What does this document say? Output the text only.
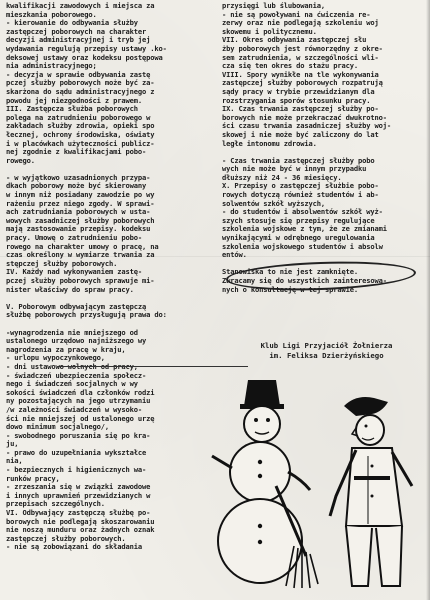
kwalifikacji zawodowych i miejsca za
mieszkania poborowego.
- kierowanie do odbywania służby
zastępczej poborowych na charakter
decyzji administracyjnej i tryb jej
wydawania regulują przepisy ustawy .ko-
deksowej ustawy oraz kodeksu postępowa
nia administracyjnego;
- decyzja w sprawie odbywania zastę
pczej służby poborowych może być za-
skarżona do sądu administracyjnego z
powodu jej niezgodności z prawem.
III. Zastępcza służba poborowych
polega na zatrudnieniu poborowego w
zakładach służby zdrowia, opieki spo
łecznej, ochrony środowiska, oświaty
i w placówkach użyteczności publicz-
nej zgodnie z kwalifikacjami pobo-
rowego.
- w wyjątkowo uzasadnionych przypa-
dkach poborowy może być skierowany
w innym niż posiadany zawodzie po wy
rażeniu przez niego zgody. W sprawi-
ach zatrudniania poborowych w usta-
wowych zasadniczej służby poborowych
mają zastosowanie przepisy. kodeksu
pracy. Umowę o zatrudnieniu pobo-
rowego na charakter umowy o pracę, na
czas określony w wymiarze trwania za
stępczej służby poborowych.
IV. Każdy nad wykonywaniem zastę-
pczej służby poborowych sprawuje mi-
nister właściwy do spraw pracy.
V. Poborowym odbywającym zastępczą
służbę poborowych przysługują prawa do:
-wynagrodzenia nie mniejszego od
ustalonego urzędowo najniższego wy
nagrodzenia za pracę w kraju,
- urlopu wypoczynkowego,
- dni ustawowo wolnych od pracy,
- świadczeń ubezpieczenia społecz-
nego i świadczeń socjalnych w wy
sokości świadczeń dla członków rodzi
ny pozostających na jego utrzymaniu
/w zależności świadczeń w wysoko-
ści nie mniejszej od ustalonego urzę
dowo minimum socjalnego/,
- swobodnego poruszania się po kra-
ju,
- prawo do uzupełniania wykształce
nia,
- bezpiecznych i higienicznych wa-
runków pracy,
- zrzeszania się w związki zawodowe
i innych uprawnień przewidzianych w
przepisach szczególnych.
VI. Odbywający zastępczą służbę po-
borowych nie podlegają skoszarowaniu
nie noszą munduru oraz żadnych oznak
zastępczej służby poborowych.
- nie są zobowiązani do składania
przysięgi lub ślubowania,
- nie są powoływani na ćwiczenia re-
zerwy oraz nie podlegają szkoleniu woj
skowemu i politycznemu.
VII. Okres odbywania zastępczej słu
żby poborowych jest równorzędny z okre-
sem zatrudnienia, w szczególności wli-
cza się ten okres do stażu pracy.
VIII. Spory wynikłe na tle wykonywania
zastępczej służby poborowych rozpatrują
sądy pracy w trybie przewidzianym dla
rozstrzygania sporów stosunku pracy.
IX. Czas trwania zastępczej służby po-
borowych nie może przekraczać dwukrotno-
ści czasu trwania zasadniczej służby woj-
skowej i nie może być zaliczony do lat
ległe intonomu zdrowia.
- Czas trwania zastępczej służby pobo
wych nie może być w innym przypadku
dłuższy niż 24 - 36 miesięcy.
X. Przepisy o zastępczej służbie pobo-
rowych dotyczą również studentów i ab-
solwentów szkół wyższych,
- do studentów i absolwentów szkół wyż-
szych stosuje się przepisy regulujące
szkolenia wojskowe z tym, że ze zmianami
wynikającymi w odrębnego uregulowania
szkolenia wojskowego studentów i absolw
entów.
Stanowiska to nie jest zamknięte.
Zwracamy się do wszystkich zainteresowa-
nych o konsultację w tej sprawie.
Klub Ligi Przyjaciół Żołnierza
im. Feliksa Dzierżyńskiego
